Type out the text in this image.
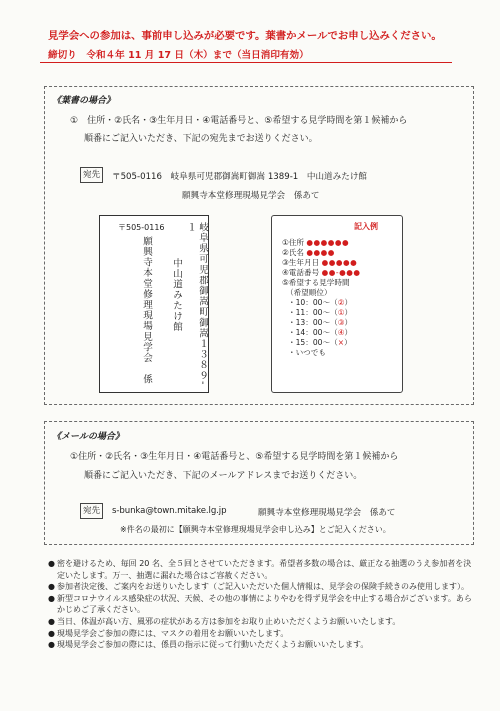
見学会への参加は、事前申し込みが必要です。葉書かメールでお申し込みください。
締切り　令和４年 11 月 17 日（木）まで（当日消印有効）
《葉書の場合》
①　住所・②氏名・③生年月日・④電話番号と、⑤希望する見学時間を第１候補から
順番にご記入いただき、下記の宛先までお送りください。
宛先	〒505-0116　岐阜県可児郡御嵩町御嵩 1389-1　中山道みたけ館
願興寺本堂修理現場見学会　係あて
〒505-0116	岐阜県可児郡御嵩町御嵩１３８９-１
中山道みたけ館
願興寺本堂修理現場見学会
係
記入例
①住所 ●●●●●●
②氏名 ●●●●
③生年月日 ●●●●●
④電話番号 ●●-●●●
⑤希望する見学時間
（希望順位）
・10：00～（②）
・11：00～（①）
・13：00～（③）
・14：00～（④）
・15：00～（×）
・いつでも
《メールの場合》
①住所・②氏名・③生年月日・④電話番号と、⑤希望する見学時間を第１候補から
順番にご記入いただき、下記のメールアドレスまでお送りください。
宛先	s-bunka@town.mitake.lg.jp	願興寺本堂修理現場見学会　係あて
※件名の最初に【願興寺本堂修理現場見学会申し込み】とご記入ください。
● 密を避けるため、毎回 20 名、全５回とさせていただきます。希望者多数の場合は、厳正なる抽選のうえ参加者を決定いたします。万一、抽選に漏れた場合はご容赦ください。
● 参加者決定後、ご案内をお送りいたします（ご記入いただいた個人情報は、見学会の保険手続きのみ使用します）。
● 新型コロナウイルス感染症の状況、天候、その他の事情によりやむを得ず見学会を中止する場合がございます。あらかじめご了承ください。
● 当日、体温が高い方、風邪の症状がある方は参加をお取り止めいただくようお願いいたします。
● 現場見学会ご参加の際には、マスクの着用をお願いいたします。
● 現場見学会ご参加の際には、係員の指示に従って行動いただくようお願いいたします。
